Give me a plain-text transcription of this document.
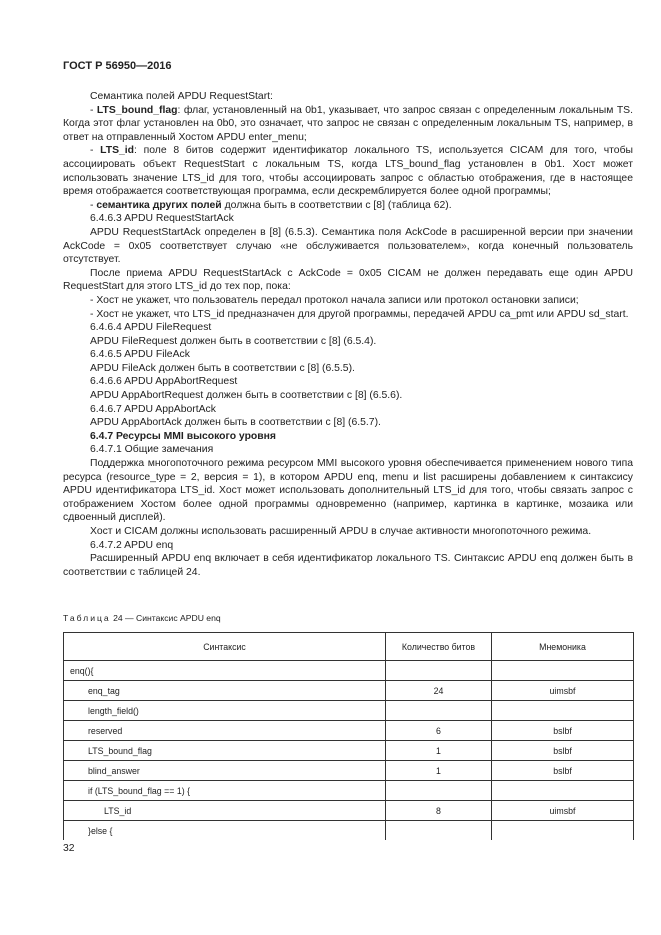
ГОСТ Р 56950—2016

Семантика полей APDU RequestStart:

- LTS_bound_flag: флаг, установленный на 0b1, указывает, что запрос связан с определенным локальным TS. Когда этот флаг установлен на 0b0, это означает, что запрос не связан с определенным локальным TS, например, в ответ на отправленный Хостом APDU enter_menu;

- LTS_id: поле 8 битов содержит идентификатор локального TS, используется CICAM для того, чтобы ассоциировать объект RequestStart с локальным TS, когда LTS_bound_flag установлен в 0b1. Хост может использовать значение LTS_id для того, чтобы ассоциировать запрос с областью отображения, где в настоящее время отображается соответствующая программа, если дескремблируется более одной программы;

- семантика других полей должна быть в соответствии с [8] (таблица 62).

6.4.6.3 APDU RequestStartAck

APDU RequestStartAck определен в [8] (6.5.3). Семантика поля AckCode в расширенной версии при значении AckCode = 0x05 соответствует случаю «не обслуживается пользователем», когда конечный пользователь отсутствует.

После приема APDU RequestStartAck с AckCode = 0x05 CICAM не должен передавать еще один APDU RequestStart для этого LTS_id до тех пор, пока:

- Хост не укажет, что пользователь передал протокол начала записи или протокол остановки записи;

- Хост не укажет, что LTS_id предназначен для другой программы, передачей APDU ca_pmt или APDU sd_start.

6.4.6.4 APDU FileRequest

APDU FileRequest должен быть в соответствии с [8] (6.5.4).

6.4.6.5 APDU FileAck

APDU FileAck должен быть в соответствии с [8] (6.5.5).

6.4.6.6 APDU AppAbortRequest

APDU AppAbortRequest должен быть в соответствии с [8] (6.5.6).

6.4.6.7 APDU AppAbortAck

APDU AppAbortAck должен быть в соответствии с [8] (6.5.7).

6.4.7 Ресурсы MMI высокого уровня

6.4.7.1 Общие замечания

Поддержка многопоточного режима ресурсом MMI высокого уровня обеспечивается применением нового типа ресурса (resource_type = 2, версия = 1), в котором APDU enq, menu и list расширены добавлением к синтаксису APDU идентификатора LTS_id. Хост может использовать дополнительный LTS_id для того, чтобы связать запрос с отображением Хостом более одной программы одновременно (например, картинка в картинке, мозаика или сдвоенный дисплей).

Хост и CICAM должны использовать расширенный APDU в случае активности многопоточного режима.

6.4.7.2 APDU enq

Расширенный APDU enq включает в себя идентификатор локального TS. Синтаксис APDU enq должен быть в соответствии с таблицей 24.

Таблица 24 — Синтаксис APDU enq
Синтаксис	Количество битов	Мнемоника
enq(){		
enq_tag	24	uimsbf
length_field()		
reserved	6	bslbf
LTS_bound_flag	1	bslbf
blind_answer	1	bslbf
if (LTS_bound_flag == 1) {		
LTS_id	8	uimsbf
}else {		
32
